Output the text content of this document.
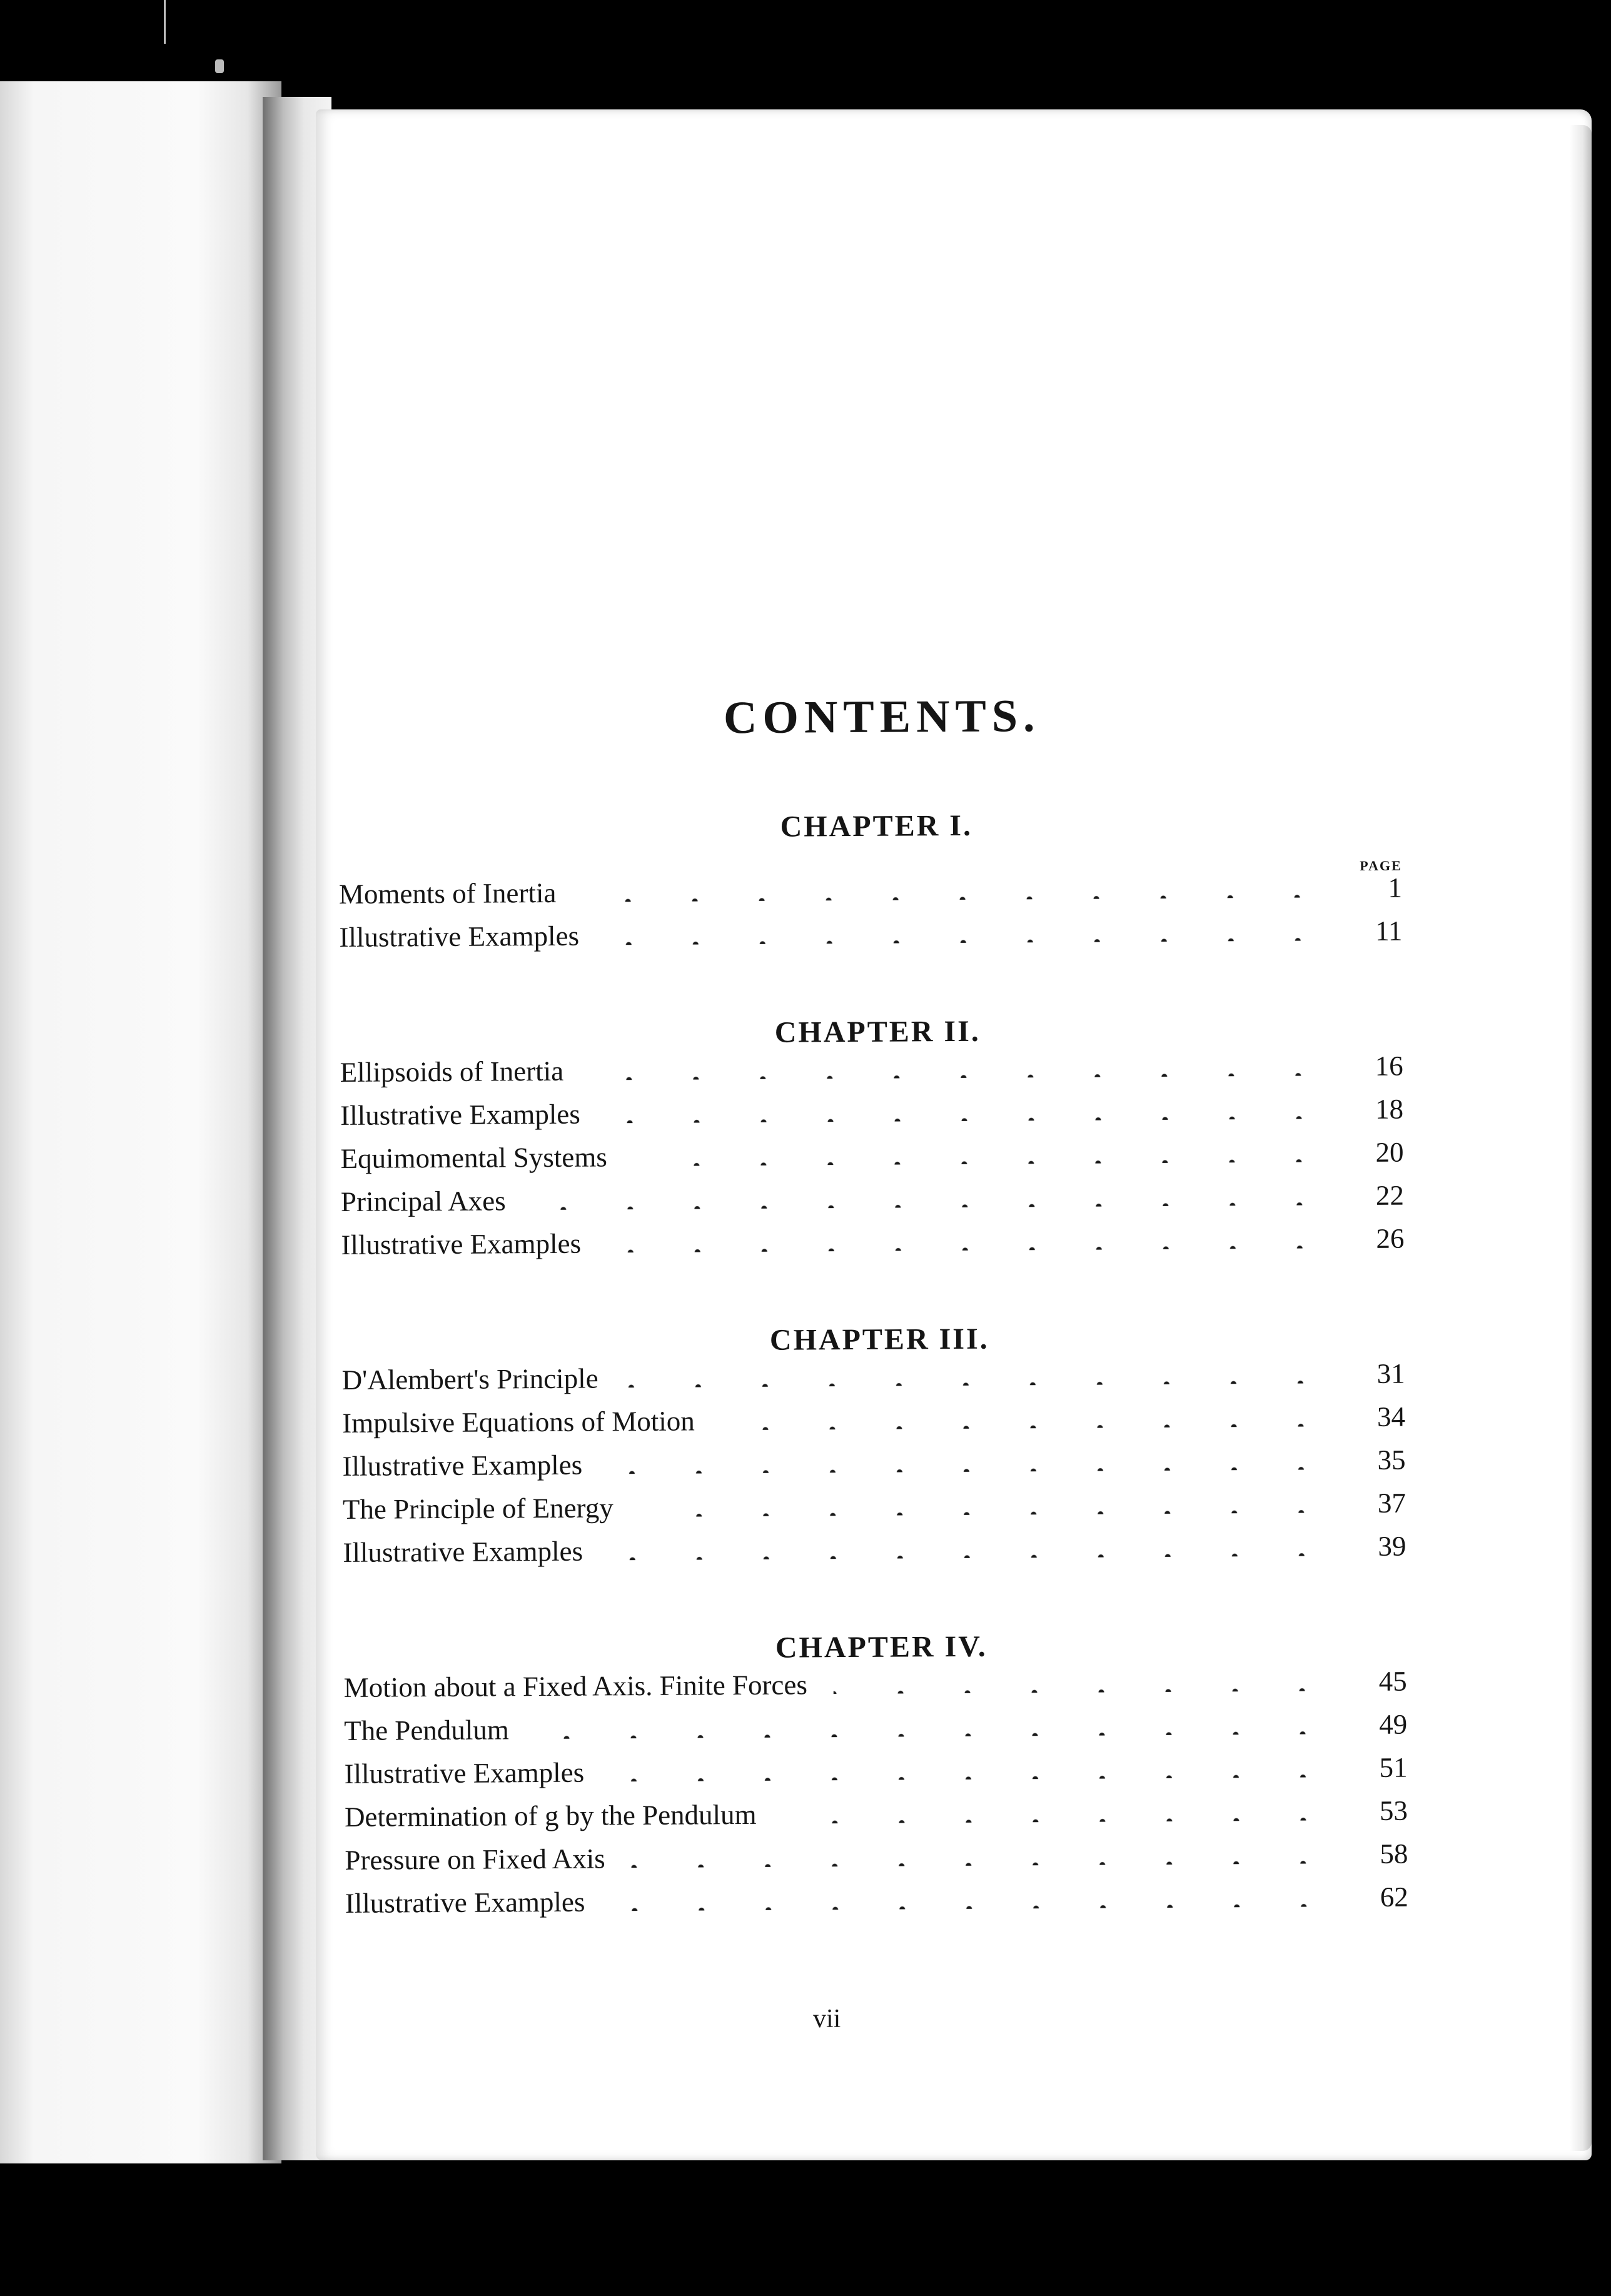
CONTENTS.
CHAPTER I.
PAGE
Moments of Inertia	1
Illustrative Examples	11
CHAPTER II.
Ellipsoids of Inertia	16
Illustrative Examples	18
Equimomental Systems	20
Principal Axes	22
Illustrative Examples	26
CHAPTER III.
D'Alembert's Principle	31
Impulsive Equations of Motion	34
Illustrative Examples	35
The Principle of Energy	37
Illustrative Examples	39
CHAPTER IV.
Motion about a Fixed Axis. Finite Forces	45
The Pendulum	49
Illustrative Examples	51
Determination of g by the Pendulum	53
Pressure on Fixed Axis	58
Illustrative Examples	62
vii
